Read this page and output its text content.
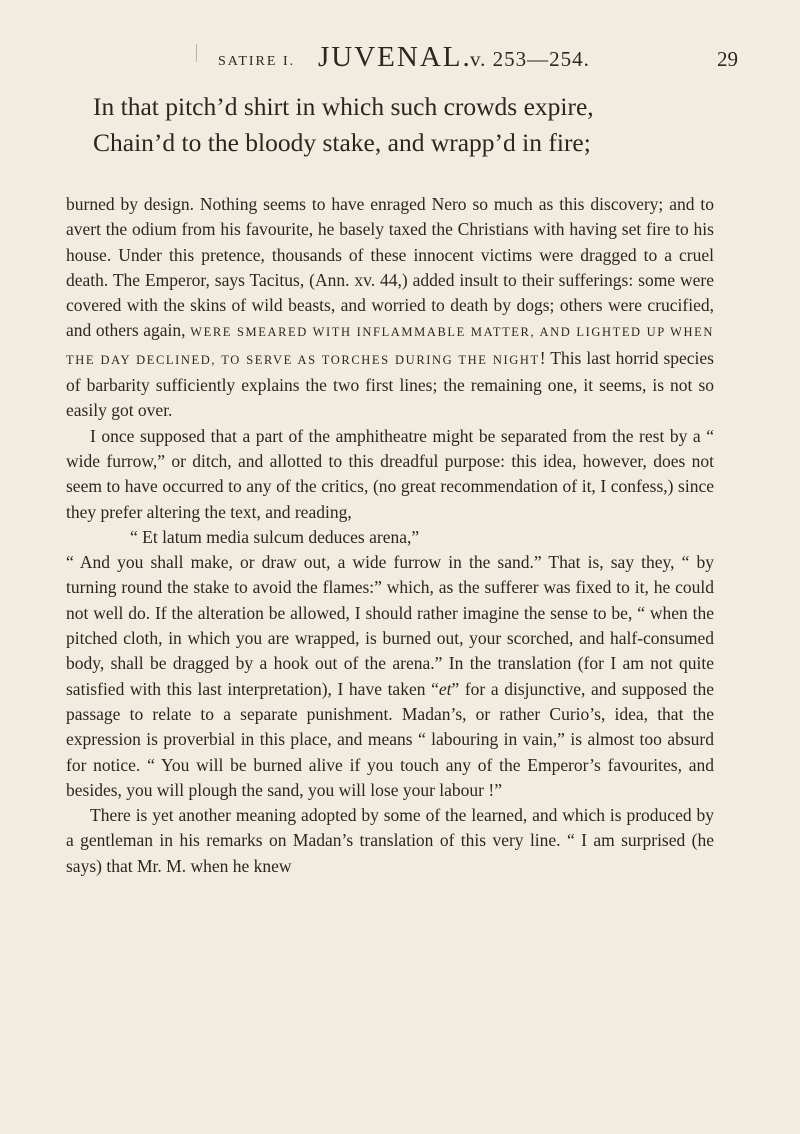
SATIRE I. JUVENAL.
v. 253—254.	29
In that pitch’d shirt in which such crowds expire,
Chain’d to the bloody stake, and wrapp’d in fire;

burned by design. Nothing seems to have enraged Nero so much as this discovery; and to avert the odium from his favourite, he basely taxed the Christians with having set fire to his house. Under this pretence, thousands of these innocent victims were dragged to a cruel death. The Emperor, says Tacitus, (Ann. xv. 44,) added insult to their sufferings: some were covered with the skins of wild beasts, and worried to death by dogs; others were crucified, and others again, WERE SMEARED WITH INFLAMMABLE MATTER, AND LIGHTED UP WHEN THE DAY DECLINED, TO SERVE AS TORCHES DURING THE NIGHT! This last horrid species of barbarity sufficiently explains the two first lines; the remaining one, it seems, is not so easily got over.

I once supposed that a part of the amphitheatre might be separated from the rest by a “ wide furrow,” or ditch, and allotted to this dreadful purpose: this idea, however, does not seem to have occurred to any of the critics, (no great recommendation of it, I confess,) since they prefer altering the text, and reading,

“ Et latum media sulcum deduces arena,”

“ And you shall make, or draw out, a wide furrow in the sand.” That is, say they, “ by turning round the stake to avoid the flames:” which, as the sufferer was fixed to it, he could not well do. If the alteration be allowed, I should rather imagine the sense to be, “ when the pitched cloth, in which you are wrapped, is burned out, your scorched, and half-consumed body, shall be dragged by a hook out of the arena.” In the translation (for I am not quite satisfied with this last interpretation), I have taken “et” for a disjunctive, and supposed the passage to relate to a separate punishment. Madan’s, or rather Curio’s, idea, that the expression is proverbial in this place, and means “ labouring in vain,” is almost too absurd for notice. “ You will be burned alive if you touch any of the Emperor’s favourites, and besides, you will plough the sand, you will lose your labour !”

There is yet another meaning adopted by some of the learned, and which is produced by a gentleman in his remarks on Madan’s translation of this very line. “ I am surprised (he says) that Mr. M. when he knew
